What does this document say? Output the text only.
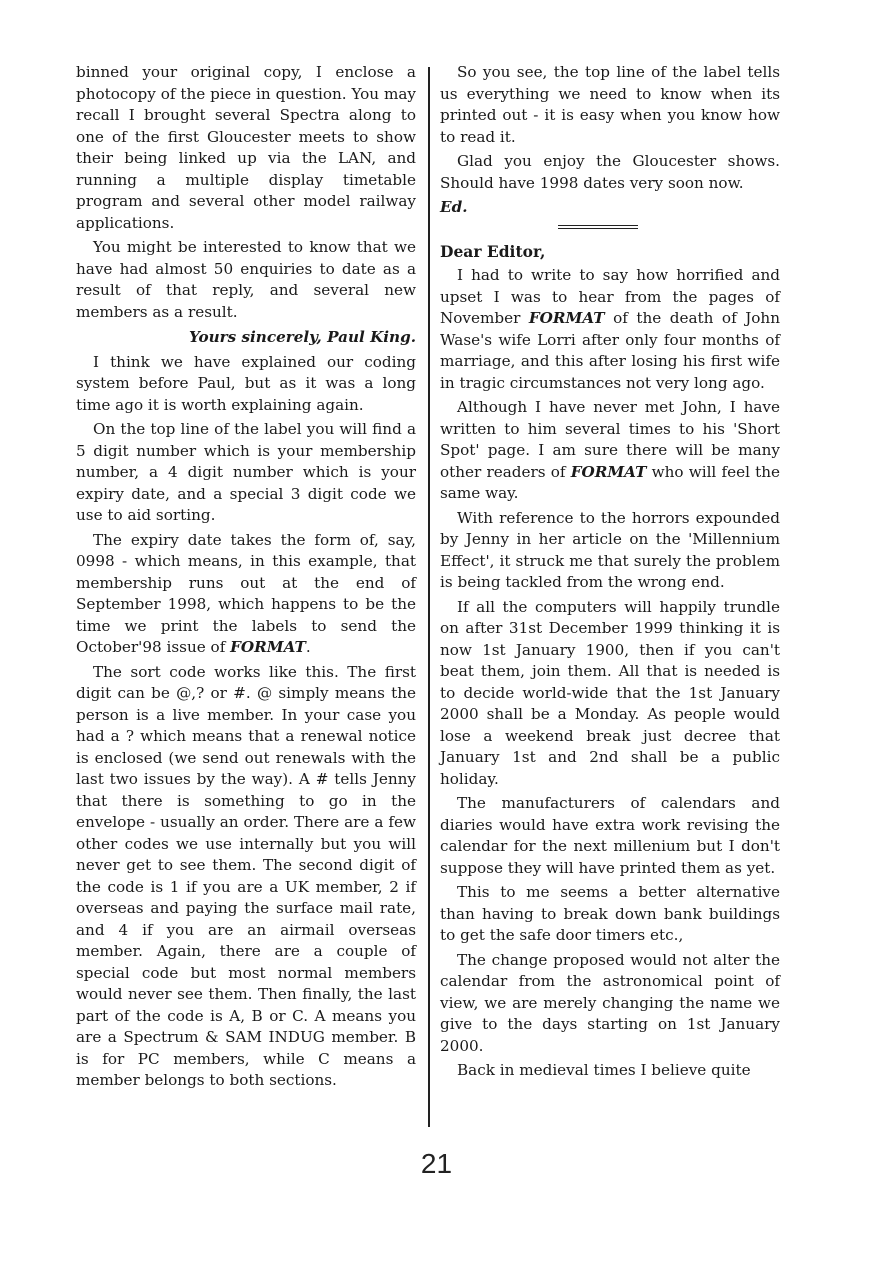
binned your original copy, I enclose a photocopy of the piece in question. You may recall I brought several Spectra along to one of the first Gloucester meets to show their being linked up via the LAN, and running a multiple display timetable program and several other model railway applications.

You might be interested to know that we have had almost 50 enquiries to date as a result of that reply, and several new members as a result.

Yours sincerely, Paul King.

I think we have explained our coding system before Paul, but as it was a long time ago it is worth explaining again.

On the top line of the label you will find a 5 digit number which is your membership number, a 4 digit number which is your expiry date, and a special 3 digit code we use to aid sorting.

The expiry date takes the form of, say, 0998 - which means, in this example, that membership runs out at the end of September 1998, which happens to be the time we print the labels to send the October'98 issue of FORMAT.

The sort code works like this. The first digit can be @,? or #. @ simply means the person is a live member. In your case you had a ? which means that a renewal notice is enclosed (we send out renewals with the last two issues by the way). A # tells Jenny that there is something to go in the envelope - usually an order. There are a few other codes we use internally but you will never get to see them. The second digit of the code is 1 if you are a UK member, 2 if overseas and paying the surface mail rate, and 4 if you are an airmail overseas member. Again, there are a couple of special code but most normal members would never see them. Then finally, the last part of the code is A, B or C. A means you are a Spectrum & SAM INDUG member. B is for PC members, while C means a member belongs to both sections.

So you see, the top line of the label tells us everything we need to know when its printed out - it is easy when you know how to read it.

Glad you enjoy the Gloucester shows. Should have 1998 dates very soon now.

Ed.
Dear Editor,

I had to write to say how horrified and upset I was to hear from the pages of November FORMAT of the death of John Wase's wife Lorri after only four months of marriage, and this after losing his first wife in tragic circumstances not very long ago.

Although I have never met John, I have written to him several times to his 'Short Spot' page. I am sure there will be many other readers of FORMAT who will feel the same way.

With reference to the horrors expounded by Jenny in her article on the 'Millennium Effect', it struck me that surely the problem is being tackled from the wrong end.

If all the computers will happily trundle on after 31st December 1999 thinking it is now 1st January 1900, then if you can't beat them, join them. All that is needed is to decide world-wide that the 1st January 2000 shall be a Monday. As people would lose a weekend break just decree that January 1st and 2nd shall be a public holiday.

The manufacturers of calendars and diaries would have extra work revising the calendar for the next millenium but I don't suppose they will have printed them as yet.

This to me seems a better alternative than having to break down bank buildings to get the safe door timers etc.,

The change proposed would not alter the calendar from the astronomical point of view, we are merely changing the name we give to the days starting on 1st January 2000.

Back in medieval times I believe quite

21
